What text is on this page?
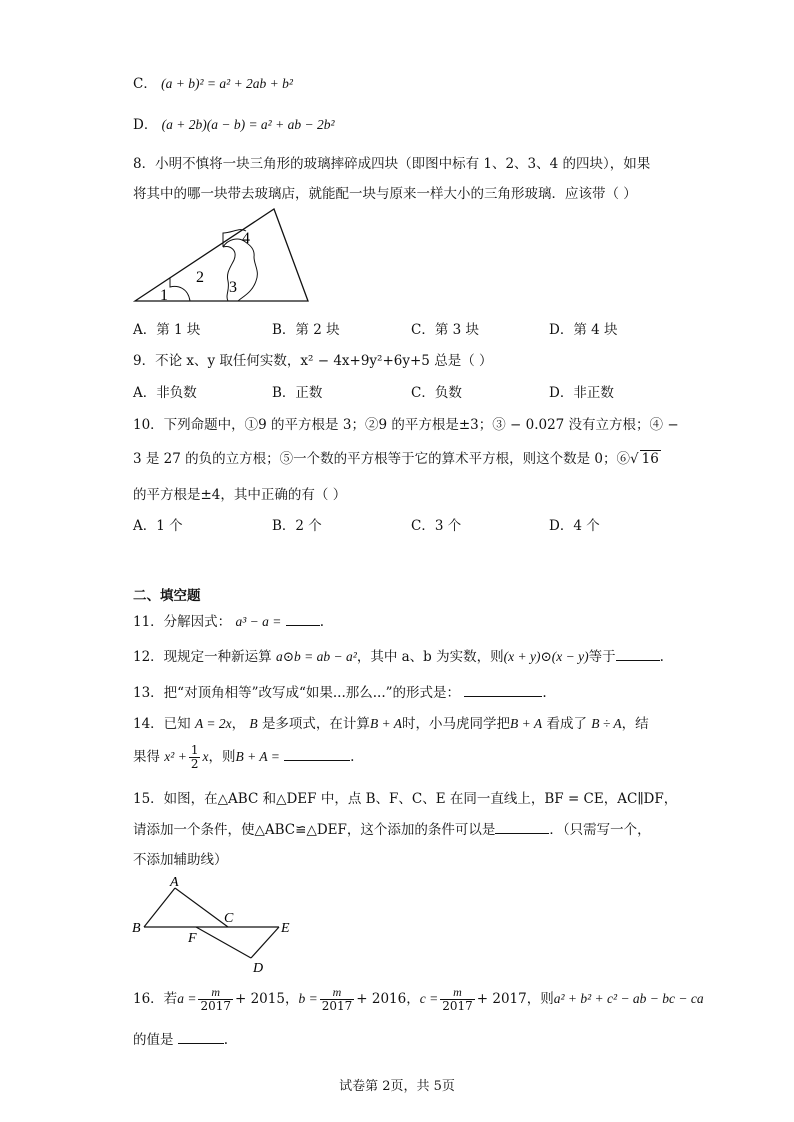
C． (a + b)² = a² + 2ab + b²
D． (a + 2b)(a − b) = a² + ab − 2b²
8．小明不慎将一块三角形的玻璃摔碎成四块（即图中标有 1、2、3、4 的四块），如果
将其中的哪一块带去玻璃店，就能配一块与原来一样大小的三角形玻璃．应该带（ ）
1
2
3
4
A．第 1 块	B．第 2 块	C．第 3 块	D．第 4 块
9．不论 x、y 取任何实数，x² − 4x+9y²+6y+5 总是（ ）
A．非负数	B．正数	C．负数	D．非正数
10．下列命题中，①9 的平方根是 3；②9 的平方根是±3；③ − 0.027 没有立方根；④ −
3 是 27 的负的立方根；⑤一个数的平方根等于它的算术平方根，则这个数是 0；⑥√ 16
的平方根是±4，其中正确的有（ ）
A．1 个	B．2 个	C．3 个	D．4 个
二、填空题
11．分解因式： a³ − a =	.
12．现规定一种新运算 a⊙b = ab − a²，其中 a、b 为实数，则(x + y)⊙(x − y)等于	.
13．把“对顶角相等”改写成“如果...那么...”的形式是：	.
14．已知 A = 2x， B 是多项式，在计算B + A时，小马虎同学把B + A 看成了 B ÷ A，结
果得 $x^2 + \frac{1}{2}$ x，则B + A =	.
15．如图，在△ABC 和△DEF 中，点 B、F、C、E 在同一直线上，BF = CE，AC∥DF，
请添加一个条件，使△ABC≌△DEF，这个添加的条件可以是	．（只需写一个，
不添加辅助线）
A
B
C
F
E
D
16．若$a = \frac{m}{2017} + 2015$，$b = \frac{m}{2017} + 2016$，$c = \frac{m}{2017} + 2017$，则a² + b² + c² − ab − bc − ca
的值是	.
试卷第 2页，共 5页
